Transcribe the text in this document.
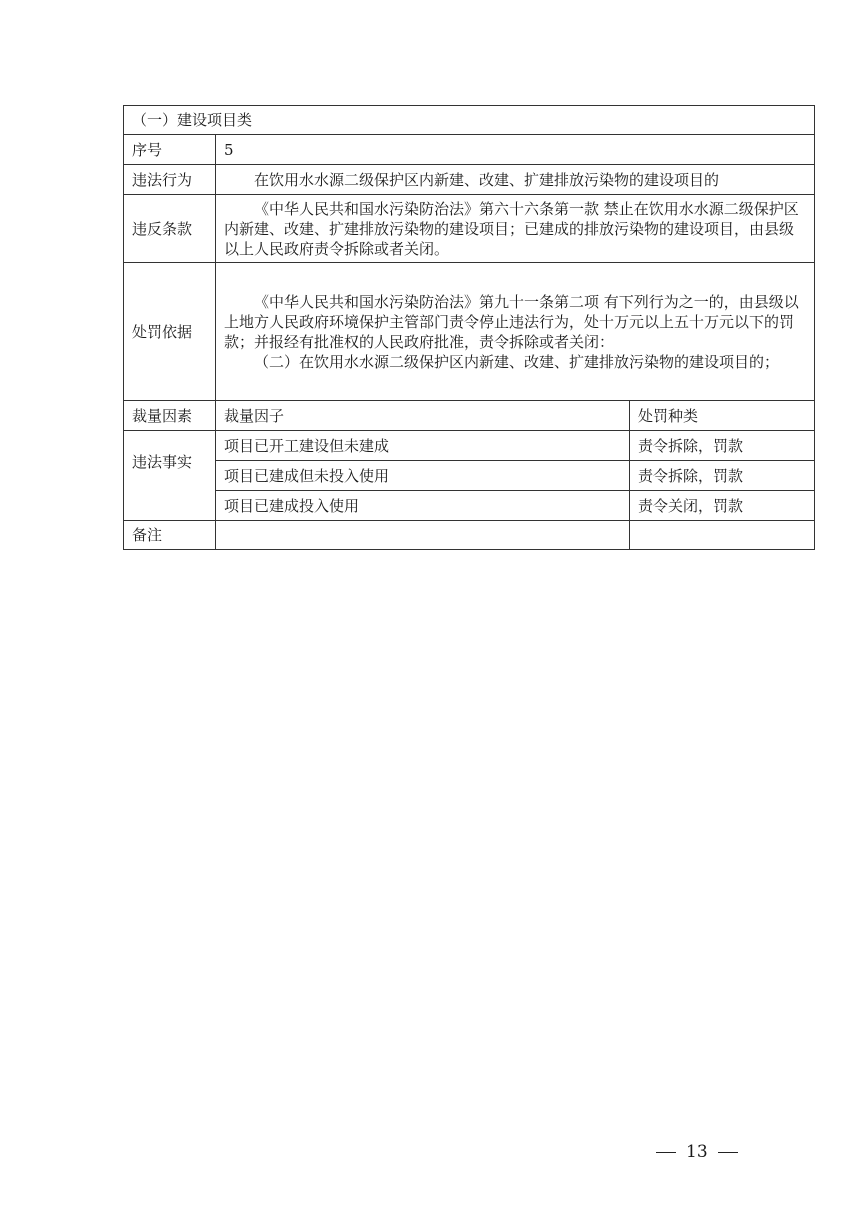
（一）建设项目类		
序号	5	
违法行为	在饮用水水源二级保护区内新建、改建、扩建排放污染物的建设项目的	
违反条款	《中华人民共和国水污染防治法》第六十六条第一款 禁止在饮用水水源二级保护区内新建、改建、扩建排放污染物的建设项目；已建成的排放污染物的建设项目，由县级以上人民政府责令拆除或者关闭。	

处罚依据	《中华人民共和国水污染防治法》第九十一条第二项 有下列行为之一的，由县级以上地方人民政府环境保护主管部门责令停止违法行为，处十万元以上五十万元以下的罚款；并报经有批准权的人民政府批准，责令拆除或者关闭：

（二）在饮用水水源二级保护区内新建、改建、扩建排放污染物的建设项目的；	

裁量因素	裁量因子	处罚种类
违法事实	项目已开工建设但未建成	责令拆除，罚款
	项目已建成但未投入使用	责令拆除，罚款
	项目已建成投入使用	责令关闭，罚款
备注		
13
